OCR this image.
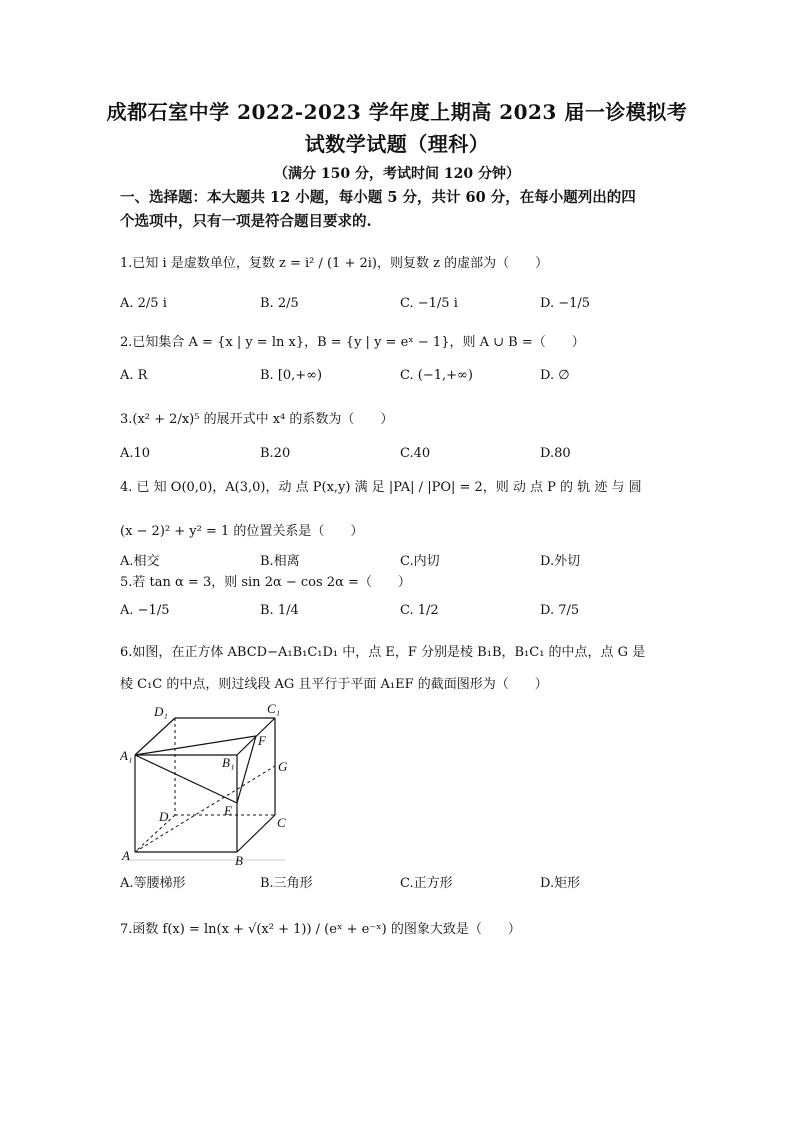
成都石室中学 2022-2023 学年度上期高 2023 届一诊模拟考
试数学试题（理科）
（满分 150 分，考试时间 120 分钟）
一、选择题：本大题共 12 小题，每小题 5 分，共计 60 分，在每小题列出的四
个选项中，只有一项是符合题目要求的.
1.已知 i 是虚数单位，复数 z = i² / (1 + 2i)，则复数 z 的虚部为（　　）
A. 2/5 i	B. 2/5	C. −1/5 i	D. −1/5
2.已知集合 A = {x | y = ln x}，B = {y | y = eˣ − 1}，则 A ∪ B =（　　）
A. R	B. [0,+∞)	C. (−1,+∞)	D. ∅
3.(x² + 2/x)⁵ 的展开式中 x⁴ 的系数为（　　）
A.10	B.20	C.40	D.80
4. 已 知 O(0,0)，A(3,0)，动 点 P(x,y) 满 足 |PA| / |PO| = 2，则 动 点 P 的 轨 迹 与 圆
(x − 2)² + y² = 1 的位置关系是（　　）
A.相交	B.相离	C.内切	D.外切
5.若 tan α = 3，则 sin 2α − cos 2α =（　　）
A. −1/5	B. 1/4	C. 1/2	D. 7/5
6.如图，在正方体 ABCD−A₁B₁C₁D₁ 中，点 E，F 分别是棱 B₁B，B₁C₁ 的中点，点 G 是
棱 C₁C 的中点，则过线段 AG 且平行于平面 A₁EF 的截面图形为（　　）
D₁	C₁
A₁	B₁
F
G
E
D	C
A	B
A.等腰梯形	B.三角形	C.正方形	D.矩形
7.函数 f(x) = ln(x + √(x² + 1)) / (eˣ + e⁻ˣ) 的图象大致是（　　）
